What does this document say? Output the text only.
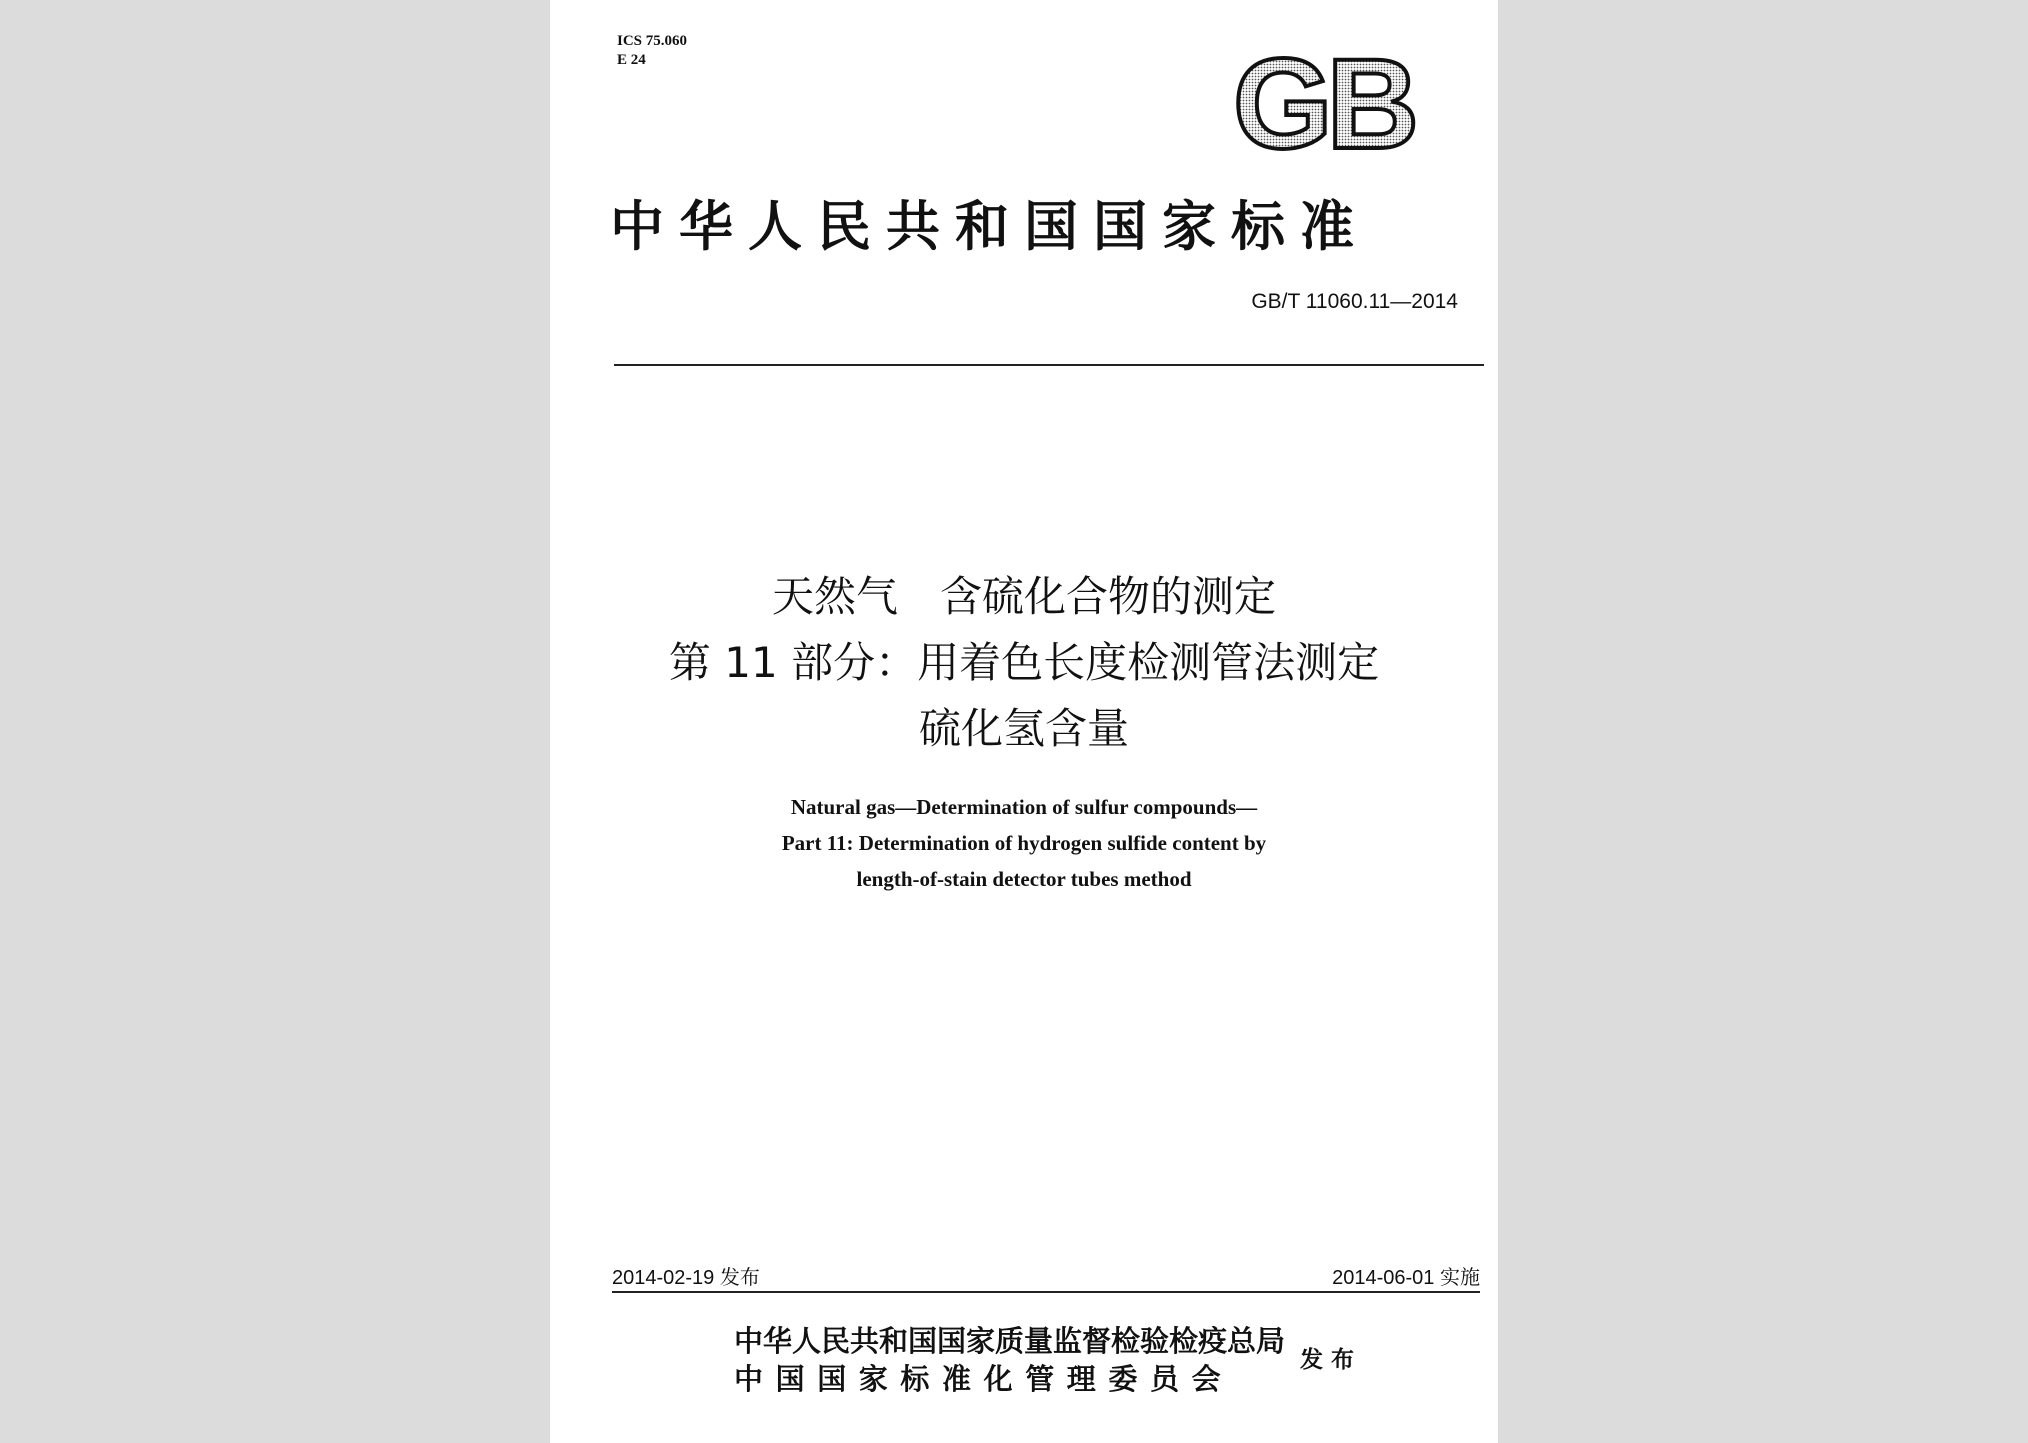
ICS 75.060
E 24	GB
中华人民共和国国家标准
GB/T 11060.11—2014
天然气　含硫化合物的测定
第 11 部分：用着色长度检测管法测定
硫化氢含量
Natural gas—Determination of sulfur compounds—
Part 11: Determination of hydrogen sulfide content by
length-of-stain detector tubes method
2014-02-19 发布	2014-06-01 实施
中华人民共和国国家质量监督检验检疫总局
中国国家标准化管理委员会
发布
